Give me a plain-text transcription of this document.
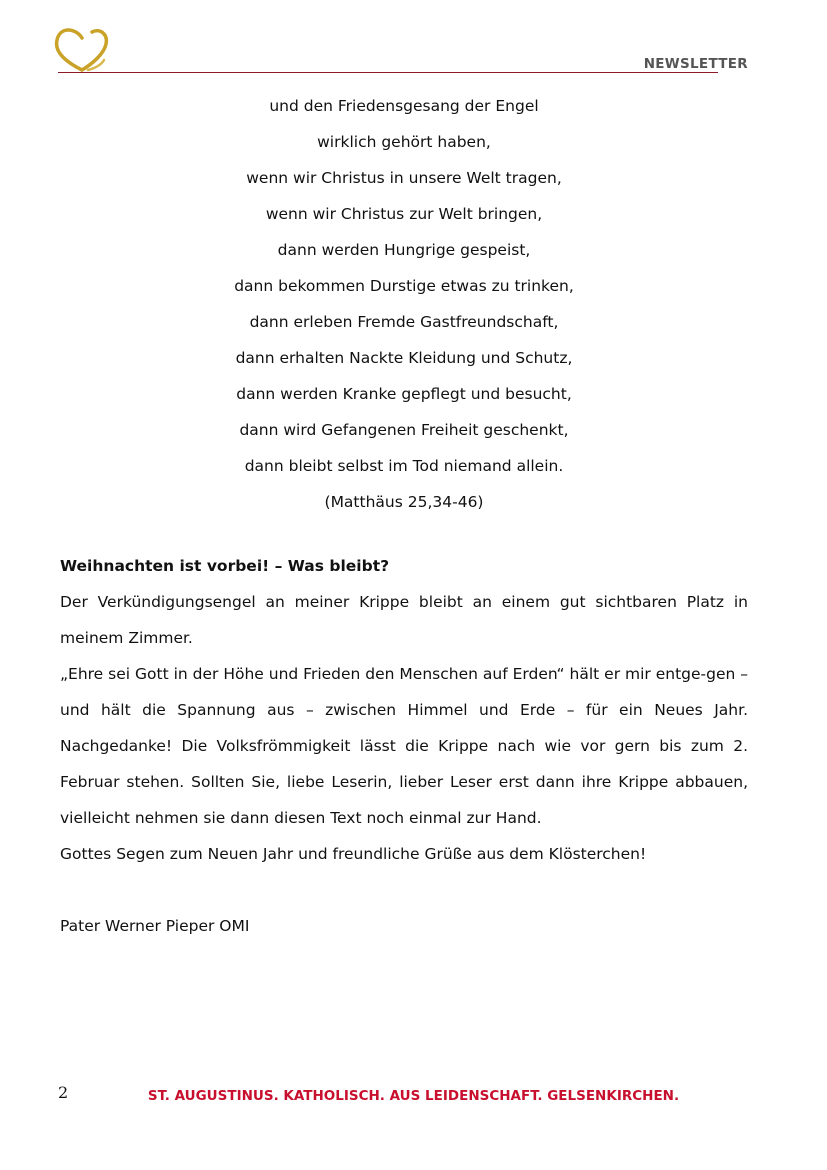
NEWSLETTER
und den Friedensgesang der Engel
wirklich gehört haben,
wenn wir Christus in unsere Welt tragen,
wenn wir Christus zur Welt bringen,
dann werden Hungrige gespeist,
dann bekommen Durstige etwas zu trinken,
dann erleben Fremde Gastfreundschaft,
dann erhalten Nackte Kleidung und Schutz,
dann werden Kranke gepflegt und besucht,
dann wird Gefangenen Freiheit geschenkt,
dann bleibt selbst im Tod niemand allein.
(Matthäus 25,34-46)
Weihnachten ist vorbei! – Was bleibt?

Der Verkündigungsengel an meiner Krippe bleibt an einem gut sichtbaren Platz in meinem Zimmer.

„Ehre sei Gott in der Höhe und Frieden den Menschen auf Erden“ hält er mir entge-gen – und hält die Spannung aus – zwischen Himmel und Erde – für ein Neues Jahr. Nachgedanke! Die Volksfrömmigkeit lässt die Krippe nach wie vor gern bis zum 2. Februar stehen. Sollten Sie, liebe Leserin, lieber Leser erst dann ihre Krippe abbauen, vielleicht nehmen sie dann diesen Text noch einmal zur Hand.

Gottes Segen zum Neuen Jahr und freundliche Grüße aus dem Klösterchen!

Pater Werner Pieper OMI
2	ST. AUGUSTINUS. KATHOLISCH. AUS LEIDENSCHAFT. GELSENKIRCHEN.
